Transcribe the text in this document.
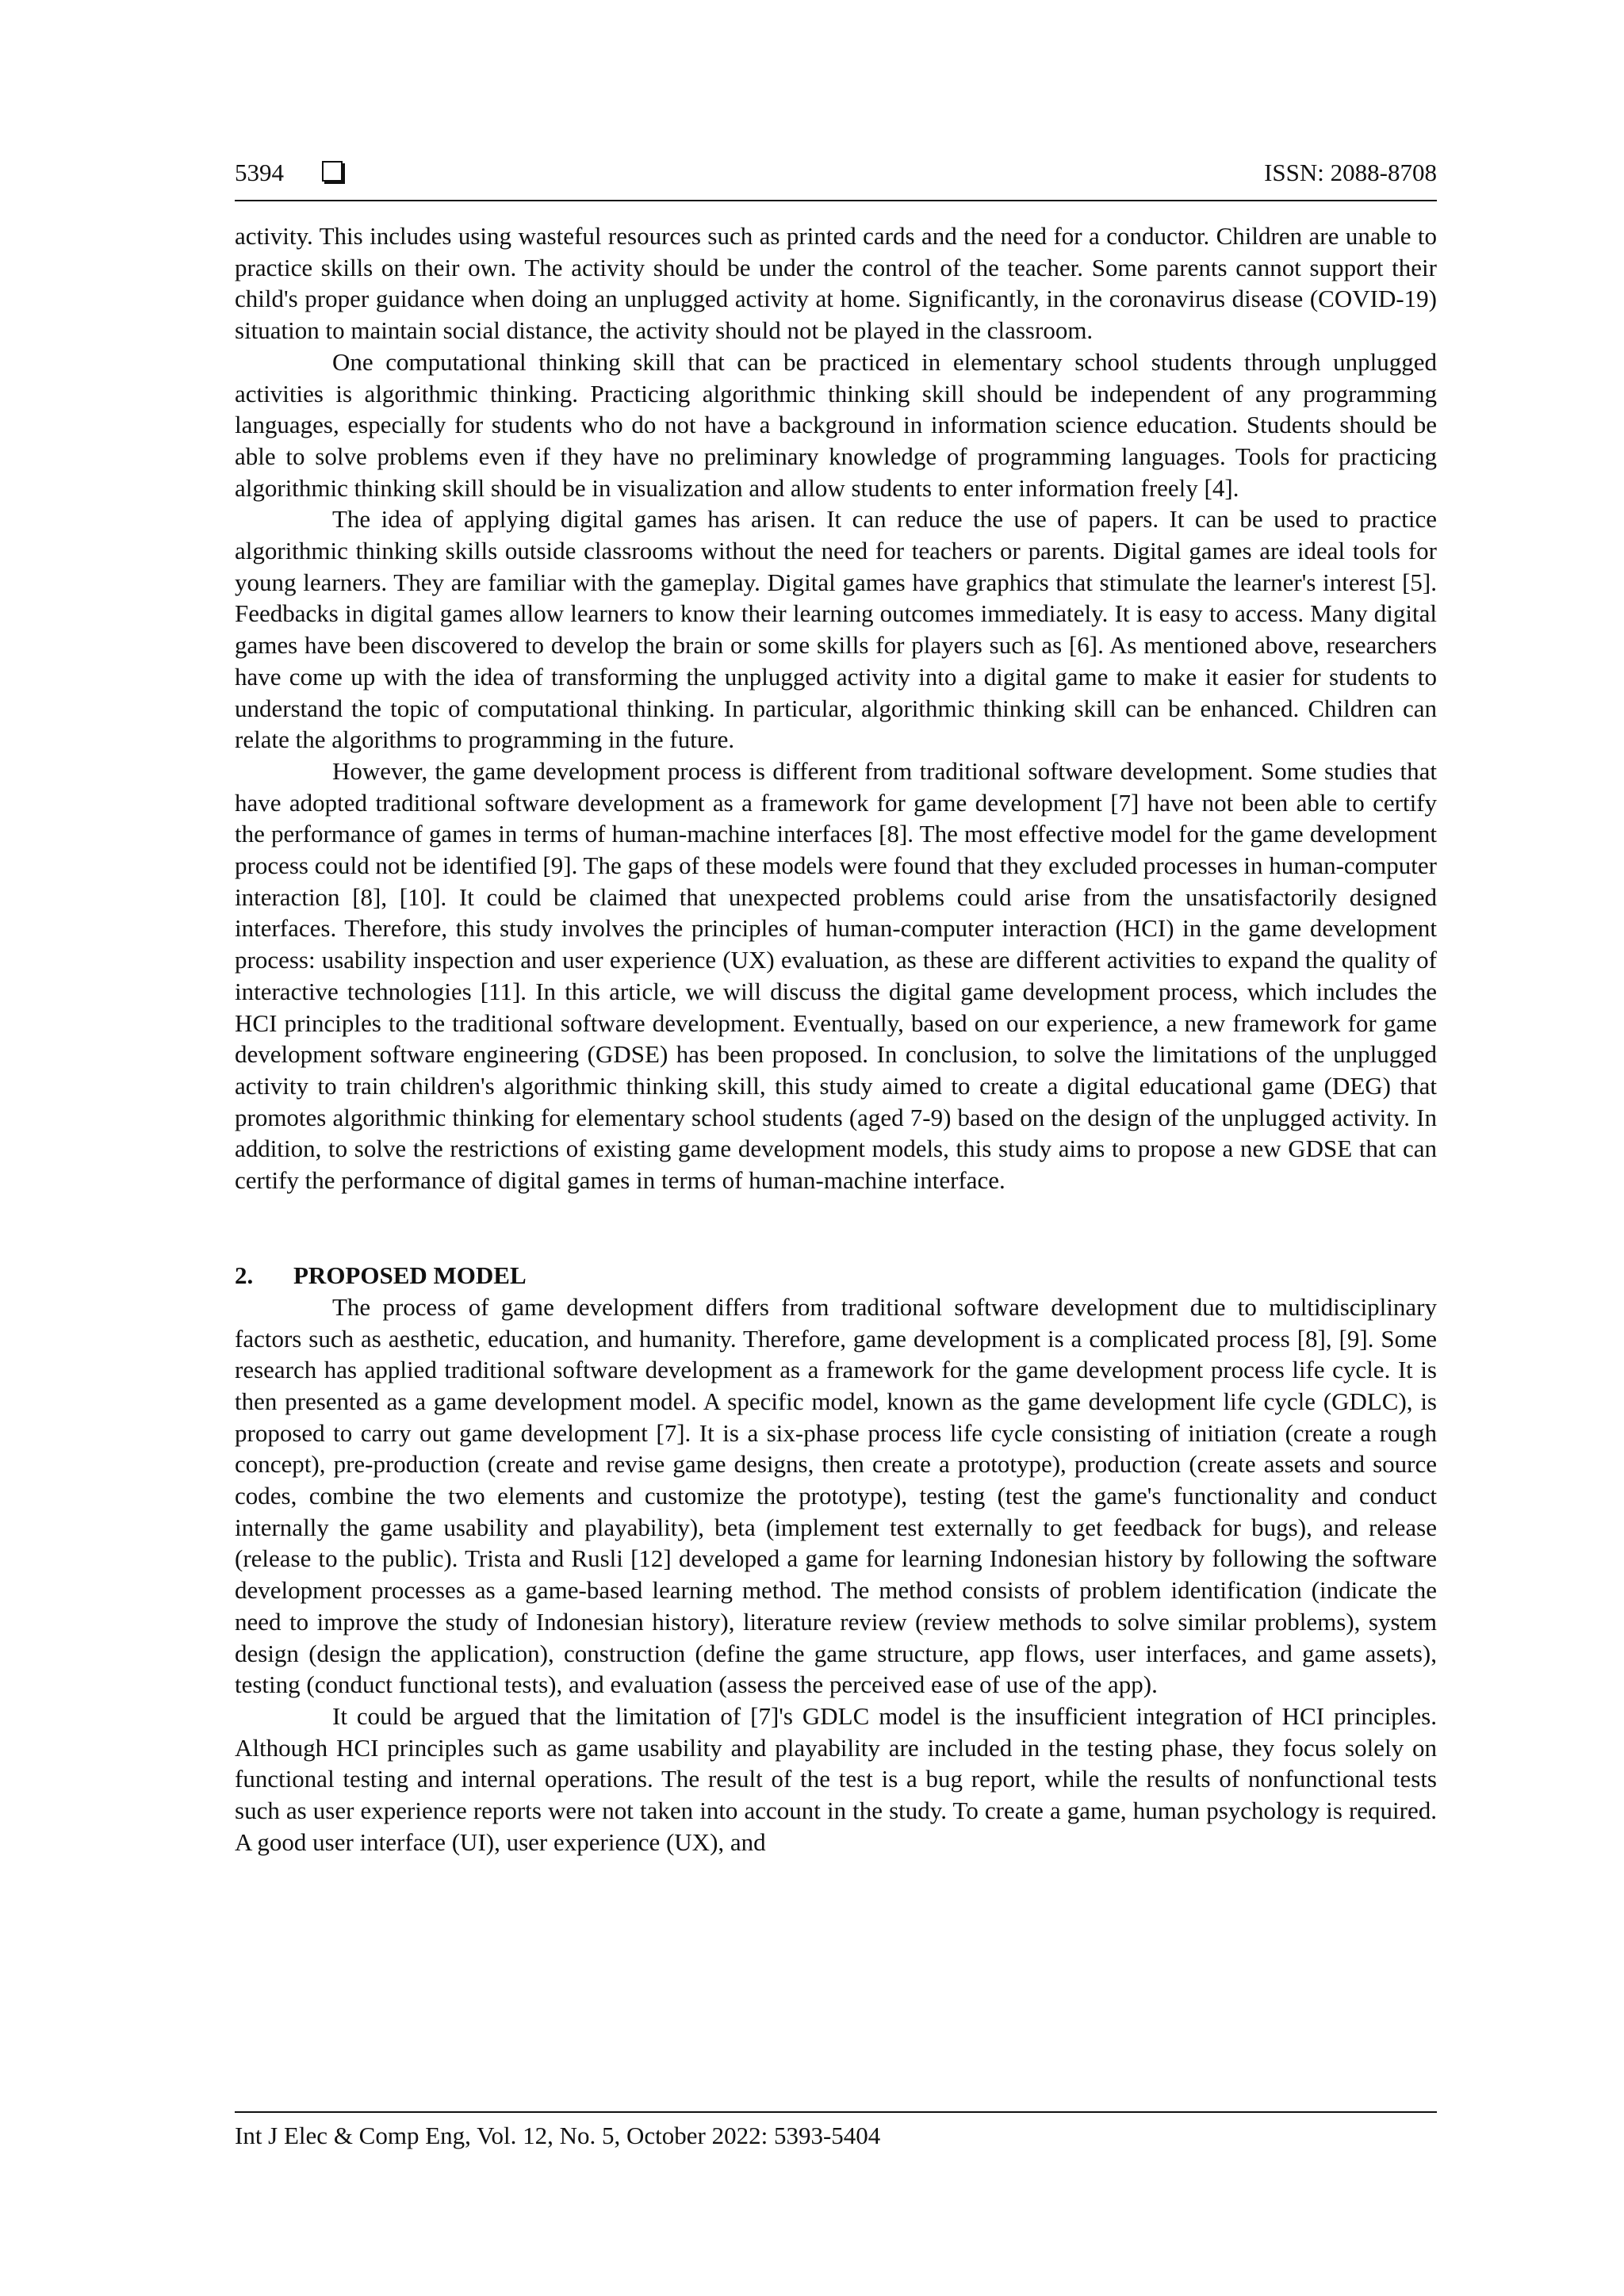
5394	ISSN: 2088-8708

activity. This includes using wasteful resources such as printed cards and the need for a conductor. Children are unable to practice skills on their own. The activity should be under the control of the teacher. Some parents cannot support their child's proper guidance when doing an unplugged activity at home. Significantly, in the coronavirus disease (COVID-19) situation to maintain social distance, the activity should not be played in the classroom.

One computational thinking skill that can be practiced in elementary school students through unplugged activities is algorithmic thinking. Practicing algorithmic thinking skill should be independent of any programming languages, especially for students who do not have a background in information science education. Students should be able to solve problems even if they have no preliminary knowledge of programming languages. Tools for practicing algorithmic thinking skill should be in visualization and allow students to enter information freely [4].

The idea of applying digital games has arisen. It can reduce the use of papers. It can be used to practice algorithmic thinking skills outside classrooms without the need for teachers or parents. Digital games are ideal tools for young learners. They are familiar with the gameplay. Digital games have graphics that stimulate the learner's interest [5]. Feedbacks in digital games allow learners to know their learning outcomes immediately. It is easy to access. Many digital games have been discovered to develop the brain or some skills for players such as [6]. As mentioned above, researchers have come up with the idea of transforming the unplugged activity into a digital game to make it easier for students to understand the topic of computational thinking. In particular, algorithmic thinking skill can be enhanced. Children can relate the algorithms to programming in the future.

However, the game development process is different from traditional software development. Some studies that have adopted traditional software development as a framework for game development [7] have not been able to certify the performance of games in terms of human-machine interfaces [8]. The most effective model for the game development process could not be identified [9]. The gaps of these models were found that they excluded processes in human-computer interaction [8], [10]. It could be claimed that unexpected problems could arise from the unsatisfactorily designed interfaces. Therefore, this study involves the principles of human-computer interaction (HCI) in the game development process: usability inspection and user experience (UX) evaluation, as these are different activities to expand the quality of interactive technologies [11]. In this article, we will discuss the digital game development process, which includes the HCI principles to the traditional software development. Eventually, based on our experience, a new framework for game development software engineering (GDSE) has been proposed. In conclusion, to solve the limitations of the unplugged activity to train children's algorithmic thinking skill, this study aimed to create a digital educational game (DEG) that promotes algorithmic thinking for elementary school students (aged 7-9) based on the design of the unplugged activity. In addition, to solve the restrictions of existing game development models, this study aims to propose a new GDSE that can certify the performance of digital games in terms of human-machine interface.

2. PROPOSED MODEL

The process of game development differs from traditional software development due to multidisciplinary factors such as aesthetic, education, and humanity. Therefore, game development is a complicated process [8], [9]. Some research has applied traditional software development as a framework for the game development process life cycle. It is then presented as a game development model. A specific model, known as the game development life cycle (GDLC), is proposed to carry out game development [7]. It is a six-phase process life cycle consisting of initiation (create a rough concept), pre-production (create and revise game designs, then create a prototype), production (create assets and source codes, combine the two elements and customize the prototype), testing (test the game's functionality and conduct internally the game usability and playability), beta (implement test externally to get feedback for bugs), and release (release to the public). Trista and Rusli [12] developed a game for learning Indonesian history by following the software development processes as a game-based learning method. The method consists of problem identification (indicate the need to improve the study of Indonesian history), literature review (review methods to solve similar problems), system design (design the application), construction (define the game structure, app flows, user interfaces, and game assets), testing (conduct functional tests), and evaluation (assess the perceived ease of use of the app).

It could be argued that the limitation of [7]'s GDLC model is the insufficient integration of HCI principles. Although HCI principles such as game usability and playability are included in the testing phase, they focus solely on functional testing and internal operations. The result of the test is a bug report, while the results of nonfunctional tests such as user experience reports were not taken into account in the study. To create a game, human psychology is required. A good user interface (UI), user experience (UX), and

Int J Elec & Comp Eng, Vol. 12, No. 5, October 2022: 5393-5404
